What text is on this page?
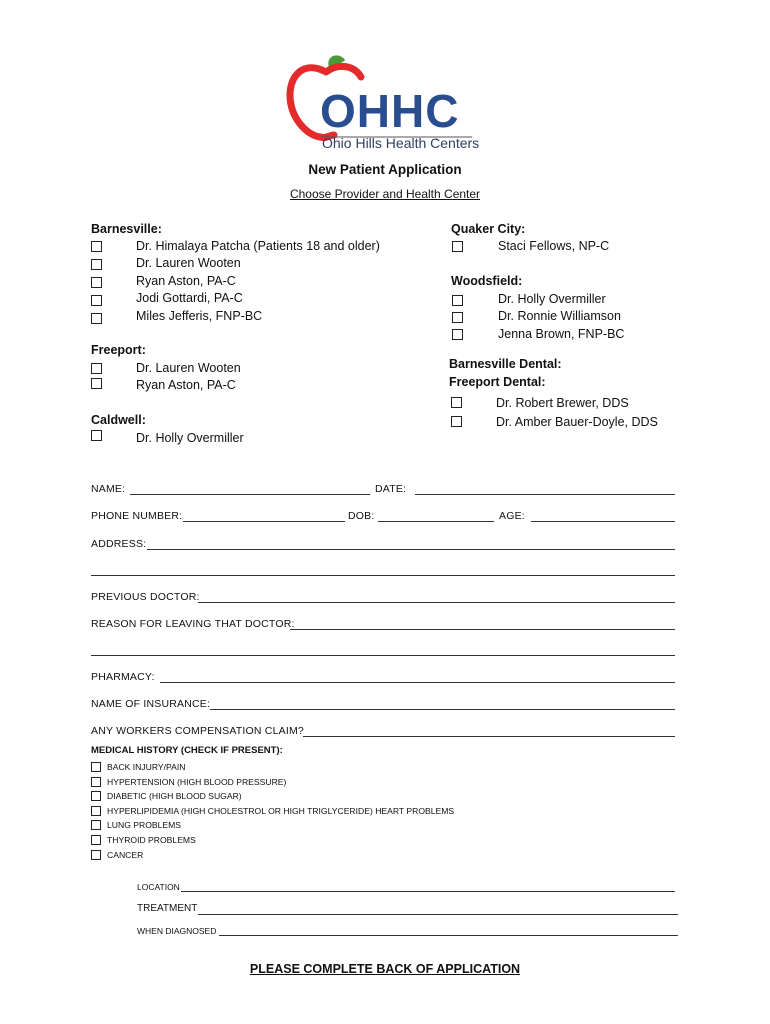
OHHC
Ohio Hills Health Centers
New Patient Application
Choose Provider and Health Center
Barnesville:
Dr. Himalaya Patcha (Patients 18 and older)
Dr. Lauren Wooten
Ryan Aston, PA-C
Jodi Gottardi, PA-C
Miles Jefferis, FNP-BC
Freeport:
Dr. Lauren Wooten
Ryan Aston, PA-C
Caldwell:
Dr. Holly Overmiller
Quaker City:
Staci Fellows, NP-C
Woodsfield:
Dr. Holly Overmiller
Dr. Ronnie Williamson
Jenna Brown, FNP-BC
Barnesville Dental:
Freeport Dental:
Dr. Robert Brewer, DDS
Dr. Amber Bauer-Doyle, DDS
NAME:	DATE:
PHONE NUMBER:	DOB:	AGE:
ADDRESS:
PREVIOUS DOCTOR:
REASON FOR LEAVING THAT DOCTOR:
PHARMACY:
NAME OF INSURANCE:
ANY WORKERS COMPENSATION CLAIM?
MEDICAL HISTORY (CHECK IF PRESENT):
BACK INJURY/PAIN
HYPERTENSION (HIGH BLOOD PRESSURE)
DIABETIC (HIGH BLOOD SUGAR)
HYPERLIPIDEMIA (HIGH CHOLESTROL OR HIGH TRIGLYCERIDE) HEART PROBLEMS
LUNG PROBLEMS
THYROID PROBLEMS
CANCER
LOCATION
TREATMENT
WHEN DIAGNOSED
PLEASE COMPLETE BACK OF APPLICATION
